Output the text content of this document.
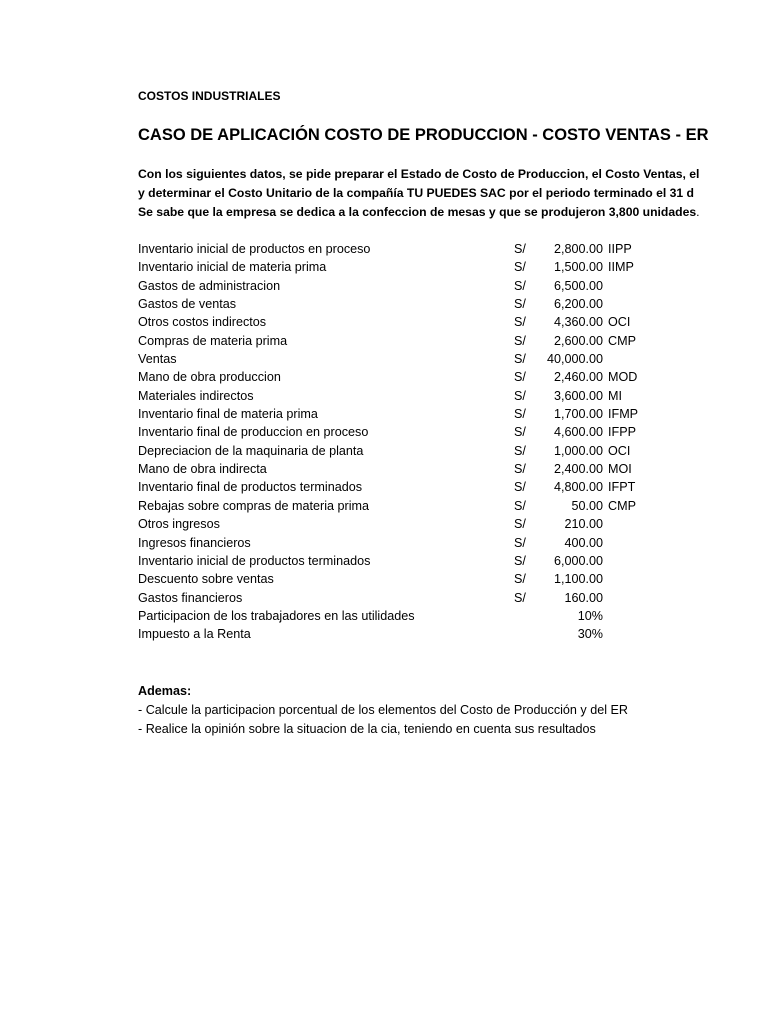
COSTOS INDUSTRIALES
CASO DE APLICACIÓN COSTO DE PRODUCCION - COSTO VENTAS - ER
Con los siguientes datos, se pide preparar el Estado de Costo de Produccion, el Costo Ventas, el
y determinar el Costo Unitario de la compañía TU PUEDES SAC por el periodo terminado el 31 d
Se sabe que la empresa se dedica a la confeccion de mesas y que se produjeron 3,800 unidades.
Inventario inicial de productos en proceso	S/ 2,800.00 IIPP
Inventario inicial de materia prima	S/ 1,500.00 IIMP
Gastos de administracion	S/ 6,500.00
Gastos de ventas	S/ 6,200.00
Otros costos indirectos	S/ 4,360.00 OCI
Compras de materia prima	S/ 2,600.00 CMP
Ventas	S/ 40,000.00
Mano de obra produccion	S/ 2,460.00 MOD
Materiales indirectos	S/ 3,600.00 MI
Inventario final de materia prima	S/ 1,700.00 IFMP
Inventario final de produccion en proceso	S/ 4,600.00 IFPP
Depreciacion de la maquinaria de planta	S/ 1,000.00 OCI
Mano de obra indirecta	S/ 2,400.00 MOI
Inventario final de productos terminados	S/ 4,800.00 IFPT
Rebajas sobre compras de materia prima	S/	50.00 CMP
Otros ingresos	S/	210.00
Ingresos financieros	S/	400.00
Inventario inicial de productos terminados	S/ 6,000.00
Descuento sobre ventas	S/ 1,100.00
Gastos financieros	S/	160.00
Participacion de los trabajadores en las utilidades	10%
Impuesto a la Renta	30%
Ademas:
- Calcule la participacion porcentual de los elementos del Costo de Producción y del ER
- Realice la opinión sobre la situacion de la cia, teniendo en cuenta sus resultados
